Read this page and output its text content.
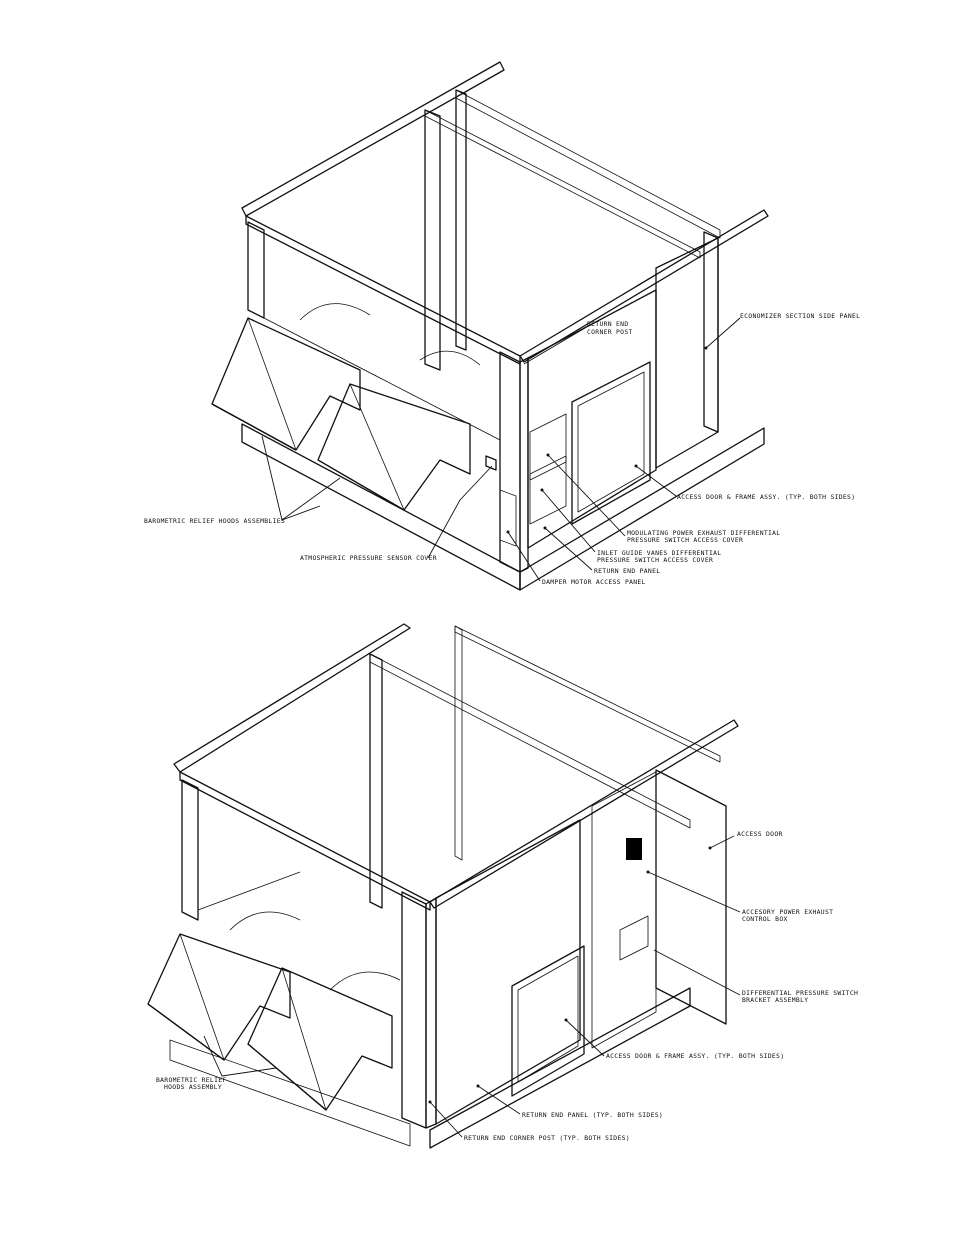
ECONOMIZER SECTION SIDE PANEL
RETURN END
CORNER POST
ACCESS DOOR & FRAME ASSY. (TYP. BOTH SIDES)
MODULATING POWER EXHAUST DIFFERENTIAL
PRESSURE SWITCH ACCESS COVER
INLET GUIDE VANES DIFFERENTIAL
PRESSURE SWITCH ACCESS COVER
RETURN END PANEL
DAMPER MOTOR ACCESS PANEL
BAROMETRIC RELIEF HOODS ASSEMBLIES
ATMOSPHERIC PRESSURE SENSOR COVER
ACCESS DOOR
ACCESORY POWER EXHAUST
CONTROL BOX
DIFFERENTIAL PRESSURE SWITCH
BRACKET ASSEMBLY
ACCESS DOOR & FRAME ASSY. (TYP. BOTH SIDES)
RETURN END PANEL (TYP. BOTH SIDES)
RETURN END CORNER POST (TYP. BOTH SIDES)
BAROMETRIC RELIEF
HOODS ASSEMBLY
